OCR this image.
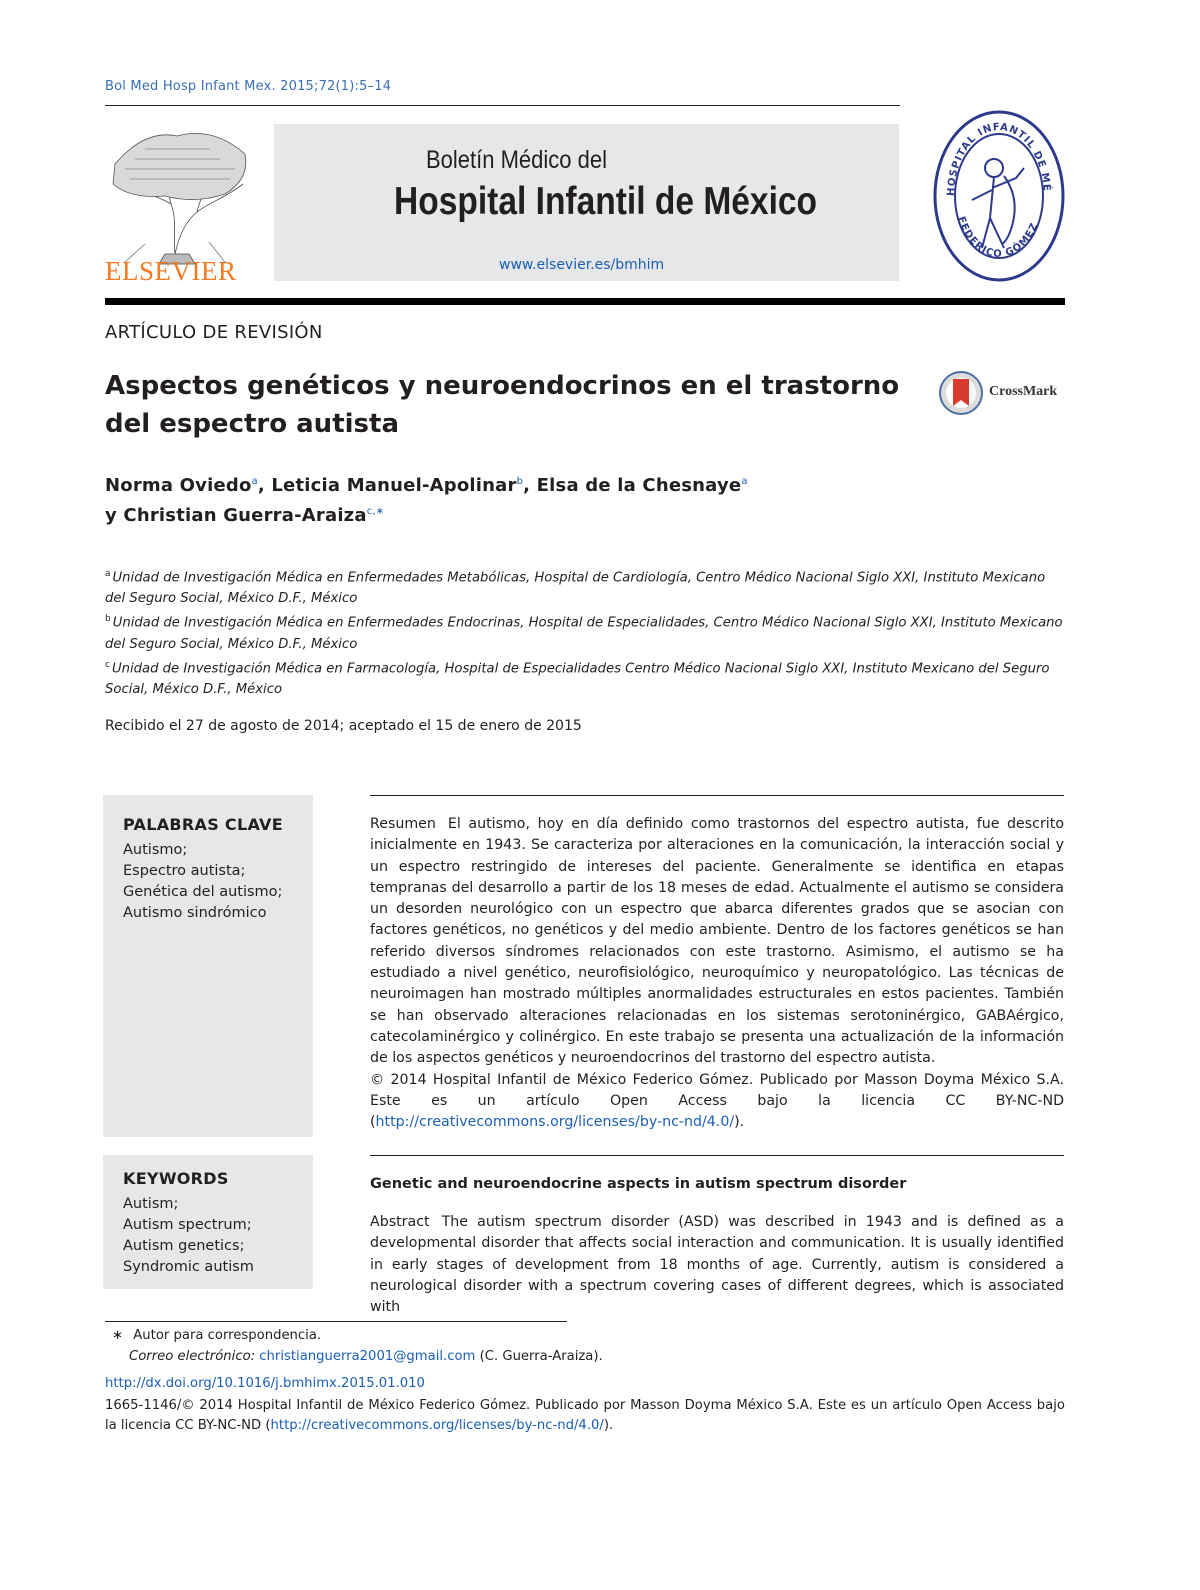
Bol Med Hosp Infant Mex. 2015;72(1):5–14
ELSEVIER
Boletín Médico del
Hospital Infantil de México
www.elsevier.es/bmhim
HOSPITAL INFANTIL DE MÉ
FEDERICO GÓMEZ
ARTÍCULO DE REVISIÓN
Aspectos genéticos y neuroendocrinos en el trastorno del espectro autista
CrossMark
Norma Oviedo$^a$, Leticia Manuel-Apolinar$^b$, Elsa de la Chesnaye$^a$
y Christian Guerra-Araiza$^{c,∗}$

$^a$ Unidad de Investigación Médica en Enfermedades Metabólicas, Hospital de Cardiología, Centro Médico Nacional Siglo XXI, Instituto Mexicano del Seguro Social, México D.F., México

$^b$ Unidad de Investigación Médica en Enfermedades Endocrinas, Hospital de Especialidades, Centro Médico Nacional Siglo XXI, Instituto Mexicano del Seguro Social, México D.F., México

$^c$ Unidad de Investigación Médica en Farmacología, Hospital de Especialidades Centro Médico Nacional Siglo XXI, Instituto Mexicano del Seguro Social, México D.F., México

Recibido el 27 de agosto de 2014; aceptado el 15 de enero de 2015
PALABRAS CLAVE
Autismo;
Espectro autista;
Genética del autismo;
Autismo sindrómico
KEYWORDS
Autism;
Autism spectrum;
Autism genetics;
Syndromic autism
Resumen El autismo, hoy en día definido como trastornos del espectro autista, fue descrito inicialmente en 1943. Se caracteriza por alteraciones en la comunicación, la interacción social y un espectro restringido de intereses del paciente. Generalmente se identifica en etapas tempranas del desarrollo a partir de los 18 meses de edad. Actualmente el autismo se considera un desorden neurológico con un espectro que abarca diferentes grados que se asocian con factores genéticos, no genéticos y del medio ambiente. Dentro de los factores genéticos se han referido diversos síndromes relacionados con este trastorno. Asimismo, el autismo se ha estudiado a nivel genético, neurofisiológico, neuroquímico y neuropatológico. Las técnicas de neuroimagen han mostrado múltiples anormalidades estructurales en estos pacientes. También se han observado alteraciones relacionadas en los sistemas serotoninérgico, GABAérgico, catecolaminérgico y colinérgico. En este trabajo se presenta una actualización de la información de los aspectos genéticos y neuroendocrinos del trastorno del espectro autista.
© 2014 Hospital Infantil de México Federico Gómez. Publicado por Masson Doyma México S.A. Este es un artículo Open Access bajo la licencia CC BY-NC-ND (http://creativecommons.org/licenses/by-nc-nd/4.0/).
Genetic and neuroendocrine aspects in autism spectrum disorder
Abstract The autism spectrum disorder (ASD) was described in 1943 and is defined as a developmental disorder that affects social interaction and communication. It is usually identified in early stages of development from 18 months of age. Currently, autism is considered a neurological disorder with a spectrum covering cases of different degrees, which is associated with
∗ Autor para correspondencia.
Correo electrónico: christianguerra2001@gmail.com (C. Guerra-Araiza).
http://dx.doi.org/10.1016/j.bmhimx.2015.01.010
1665-1146/© 2014 Hospital Infantil de México Federico Gómez. Publicado por Masson Doyma México S.A. Este es un artículo Open Access bajo la licencia CC BY-NC-ND (http://creativecommons.org/licenses/by-nc-nd/4.0/).
